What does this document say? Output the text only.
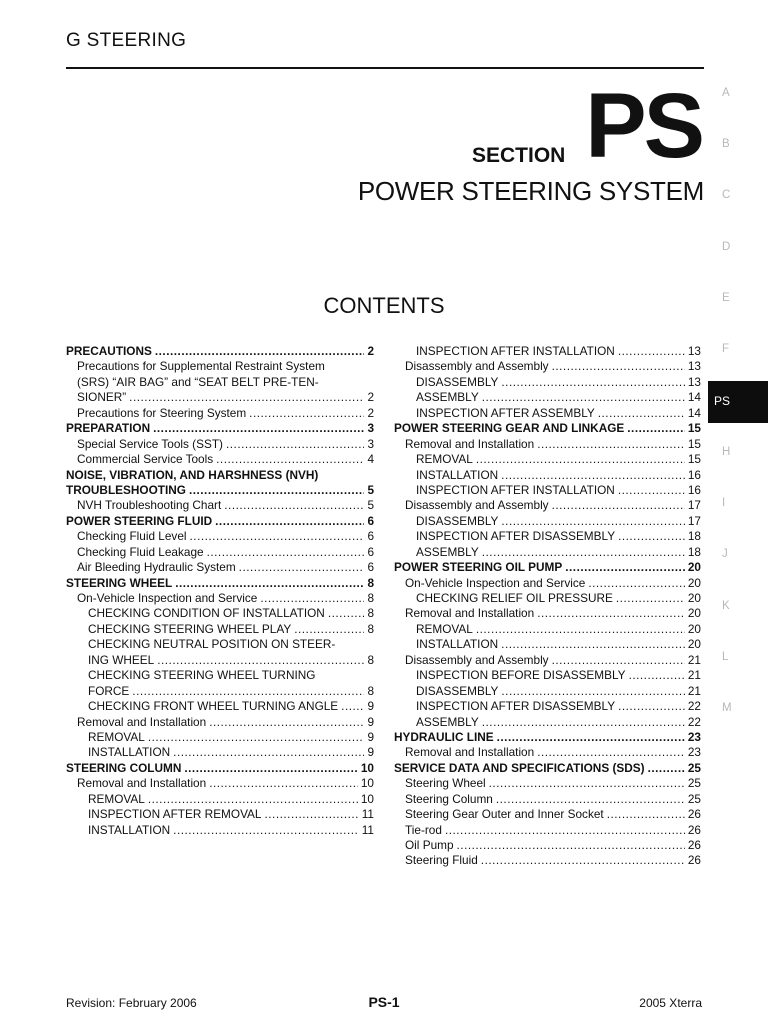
G STEERING
SECTION PS
POWER STEERING SYSTEM
CONTENTS
PS
A
B
C
D
E
F
H
I
J
K
L
M
PRECAUTIONS .....	2
Precautions for Supplemental Restraint System
(SRS) “AIR BAG” and “SEAT BELT PRE-TEN-
SIONER” .....	2
Precautions for Steering System .....	2
PREPARATION .....	3
Special Service Tools (SST) .....	3
Commercial Service Tools .....	4
NOISE, VIBRATION, AND HARSHNESS (NVH)
TROUBLESHOOTING .....	5
NVH Troubleshooting Chart .....	5
POWER STEERING FLUID .....	6
Checking Fluid Level .....	6
Checking Fluid Leakage .....	6
Air Bleeding Hydraulic System .....	6
STEERING WHEEL .....	8
On-Vehicle Inspection and Service .....	8
CHECKING CONDITION OF INSTALLATION .....	8
CHECKING STEERING WHEEL PLAY .....	8
CHECKING NEUTRAL POSITION ON STEER-
ING WHEEL .....	8
CHECKING STEERING WHEEL TURNING
FORCE .....	8
CHECKING FRONT WHEEL TURNING ANGLE ..... 9
Removal and Installation .....	9
REMOVAL .....	9
INSTALLATION .....	9
STEERING COLUMN .....	10
Removal and Installation .....	10
REMOVAL .....	10
INSPECTION AFTER REMOVAL .....	11
INSTALLATION .....	11
INSPECTION AFTER INSTALLATION .....	13
Disassembly and Assembly .....	13
DISASSEMBLY .....	13
ASSEMBLY .....	14
INSPECTION AFTER ASSEMBLY .....	14
POWER STEERING GEAR AND LINKAGE .....	15
Removal and Installation .....	15
REMOVAL .....	15
INSTALLATION .....	16
INSPECTION AFTER INSTALLATION .....	16
Disassembly and Assembly .....	17
DISASSEMBLY .....	17
INSPECTION AFTER DISASSEMBLY .....	18
ASSEMBLY .....	18
POWER STEERING OIL PUMP .....	20
On-Vehicle Inspection and Service .....	20
CHECKING RELIEF OIL PRESSURE .....	20
Removal and Installation .....	20
REMOVAL .....	20
INSTALLATION .....	20
Disassembly and Assembly .....	21
INSPECTION BEFORE DISASSEMBLY .....	21
DISASSEMBLY .....	21
INSPECTION AFTER DISASSEMBLY .....	22
ASSEMBLY .....	22
HYDRAULIC LINE .....	23
Removal and Installation .....	23
SERVICE DATA AND SPECIFICATIONS (SDS) .....	25
Steering Wheel .....	25
Steering Column .....	25
Steering Gear Outer and Inner Socket .....	26
Tie-rod .....	26
Oil Pump .....	26
Steering Fluid .....	26
Revision: February 2006	PS-1	2005 Xterra
